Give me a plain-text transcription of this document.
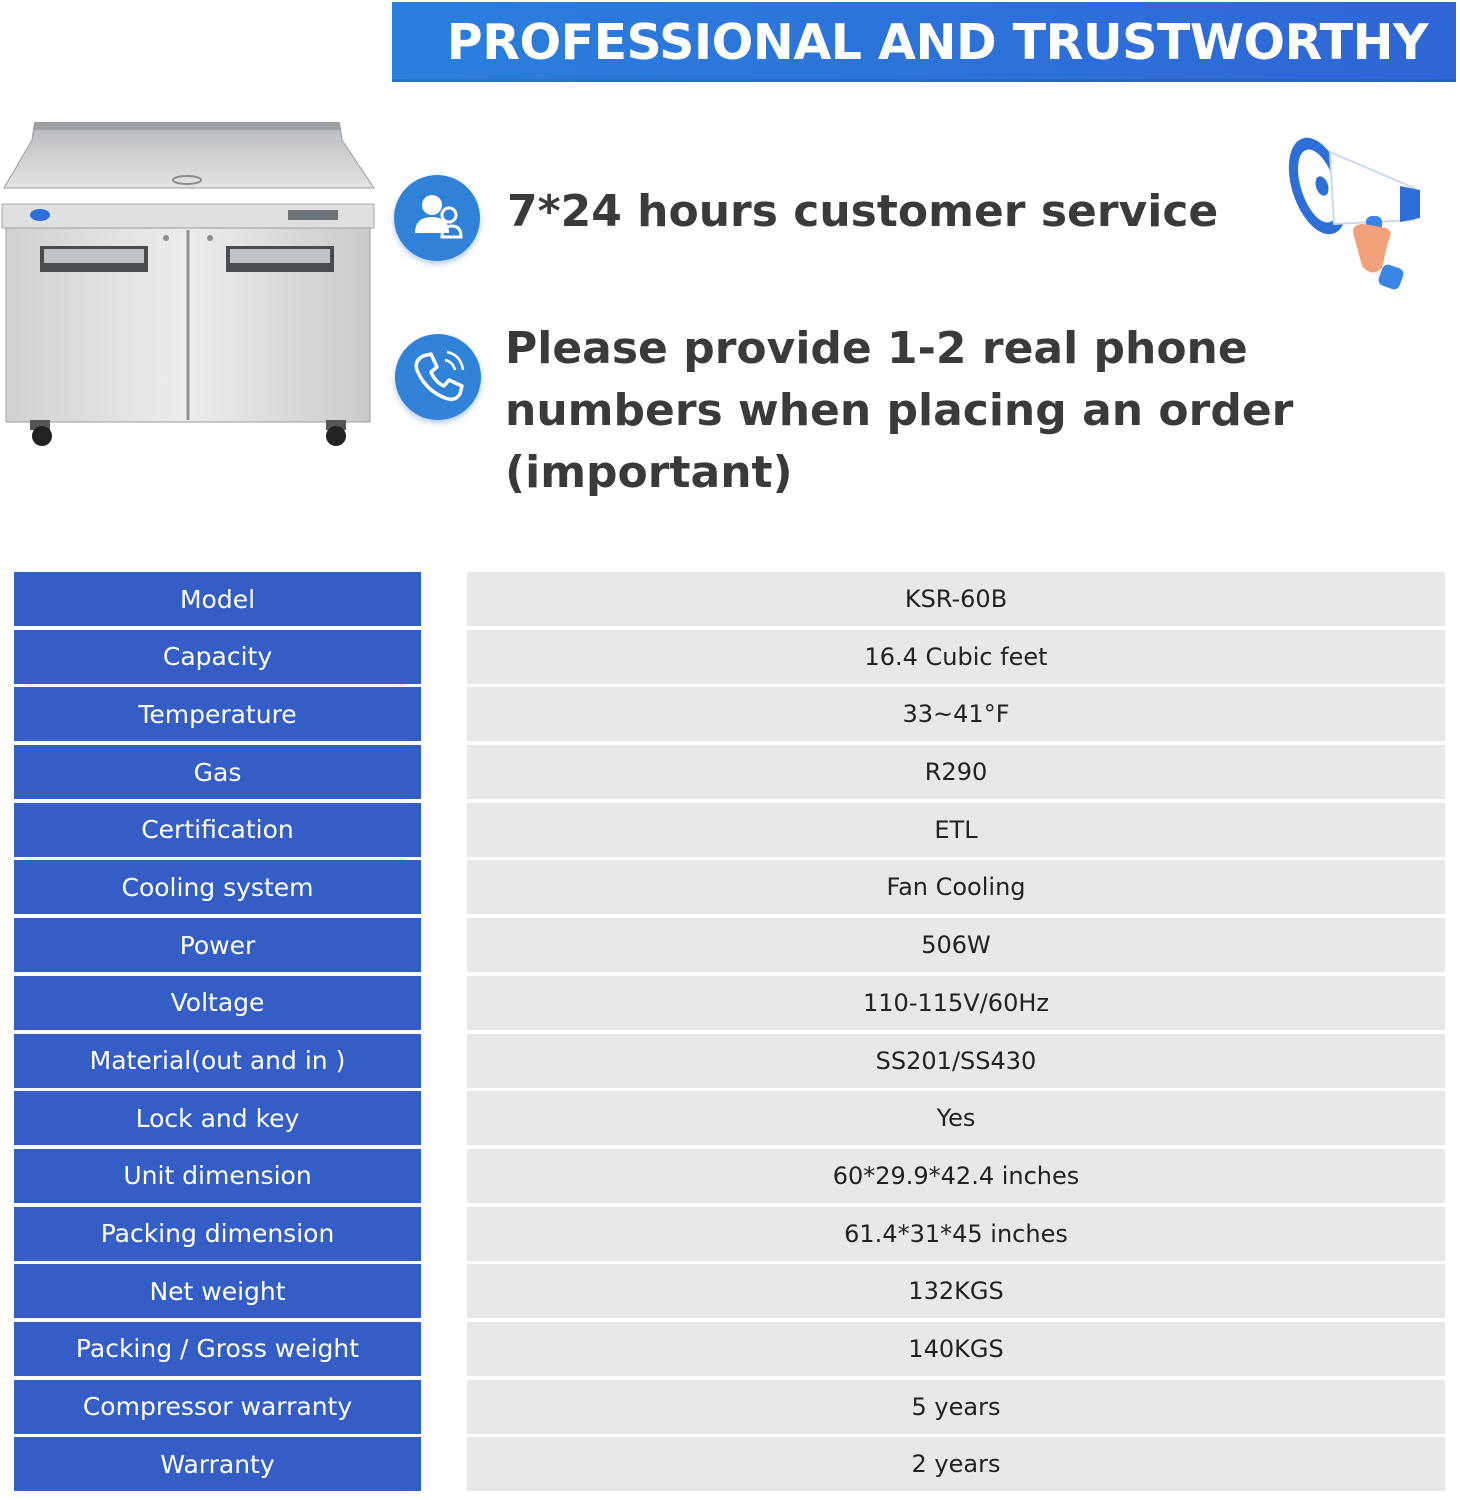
PROFESSIONAL AND TRUSTWORTHY
7*24 hours customer service
Please provide 1-2 real phone numbers when placing an order (important)
Model	KSR-60B
Capacity	16.4 Cubic feet
Temperature	33~41°F
Gas	R290
Certification	ETL
Cooling system	Fan Cooling
Power	506W
Voltage	110-115V/60Hz
Material(out and in )	SS201/SS430
Lock and key	Yes
Unit dimension	60*29.9*42.4 inches
Packing dimension	61.4*31*45 inches
Net weight	132KGS
Packing / Gross weight	140KGS
Compressor warranty	5 years
Warranty	2 years
